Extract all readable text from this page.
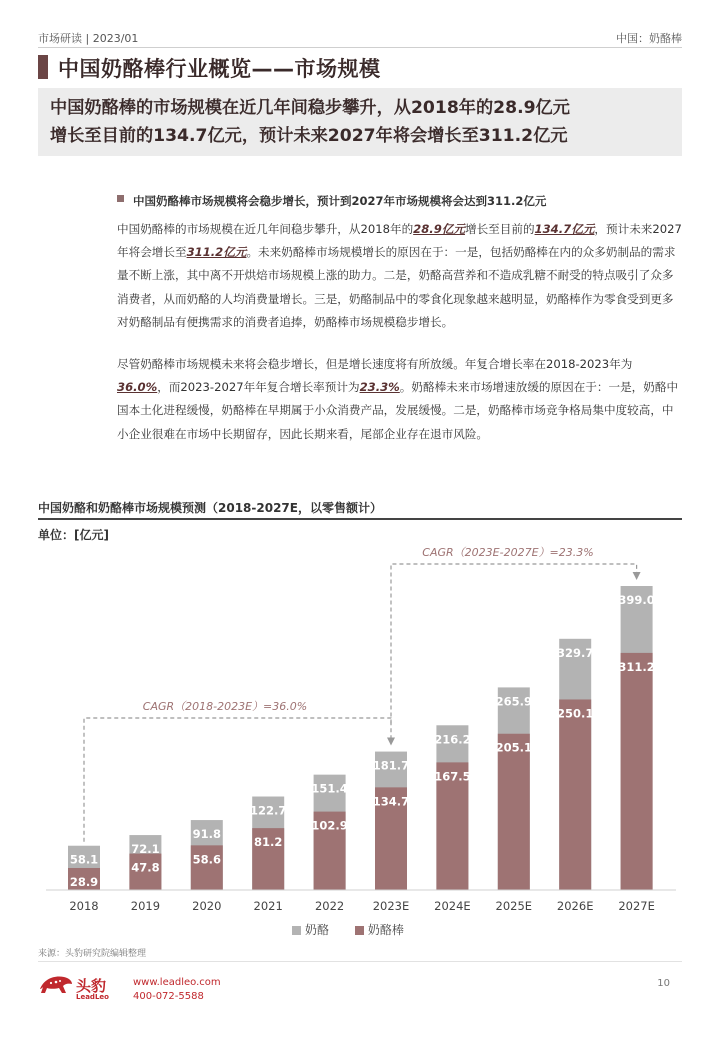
市场研读 | 2023/01	中国：奶酪棒
中国奶酪棒行业概览——市场规模
中国奶酪棒的市场规模在近几年间稳步攀升，从2018年的28.9亿元
增长至目前的134.7亿元，预计未来2027年将会增长至311.2亿元
中国奶酪棒市场规模将会稳步增长，预计到2027年市场规模将会达到311.2亿元
中国奶酪棒的市场规模在近几年间稳步攀升，从2018年的28.9亿元增长至目前的134.7亿元，预计未来2027年将会增长至311.2亿元。未来奶酪棒市场规模增长的原因在于：一是，包括奶酪棒在内的众多奶制品的需求量不断上涨，其中离不开烘焙市场规模上涨的助力。二是，奶酪高营养和不造成乳糖不耐受的特点吸引了众多消费者，从而奶酪的人均消费量增长。三是，奶酪制品中的零食化现象越来越明显，奶酪棒作为零食受到更多对奶酪制品有便携需求的消费者追捧，奶酪棒市场规模稳步增长。
尽管奶酪棒市场规模未来将会稳步增长，但是增长速度将有所放缓。年复合增长率在2018-2023年为36.0%，而2023-2027年年复合增长率预计为23.3%。奶酪棒未来市场增速放缓的原因在于：一是，奶酪中国本土化进程缓慢，奶酪棒在早期属于小众消费产品，发展缓慢。二是，奶酪棒市场竞争格局集中度较高，中小企业很难在市场中长期留存，因此长期来看，尾部企业存在退市风险。
中国奶酪和奶酪棒市场规模预测（2018-2027E，以零售额计）
单位：[亿元]
58.1
28.9
2018
72.1
47.8
2019
91.8
58.6
2020
122.7
81.2
2021
151.4
102.9
2022
181.7
134.7
2023E
216.2
167.5
2024E
265.9
205.1
2025E
329.7
250.1
2026E
399.0
311.2
2027E
CAGR（2018-2023E）=36.0%
CAGR（2023E-2027E）=23.3%
奶酪	奶酪棒
来源：头豹研究院编辑整理
头豹
LeadLeo
www.leadleo.com
400-072-5588
10
